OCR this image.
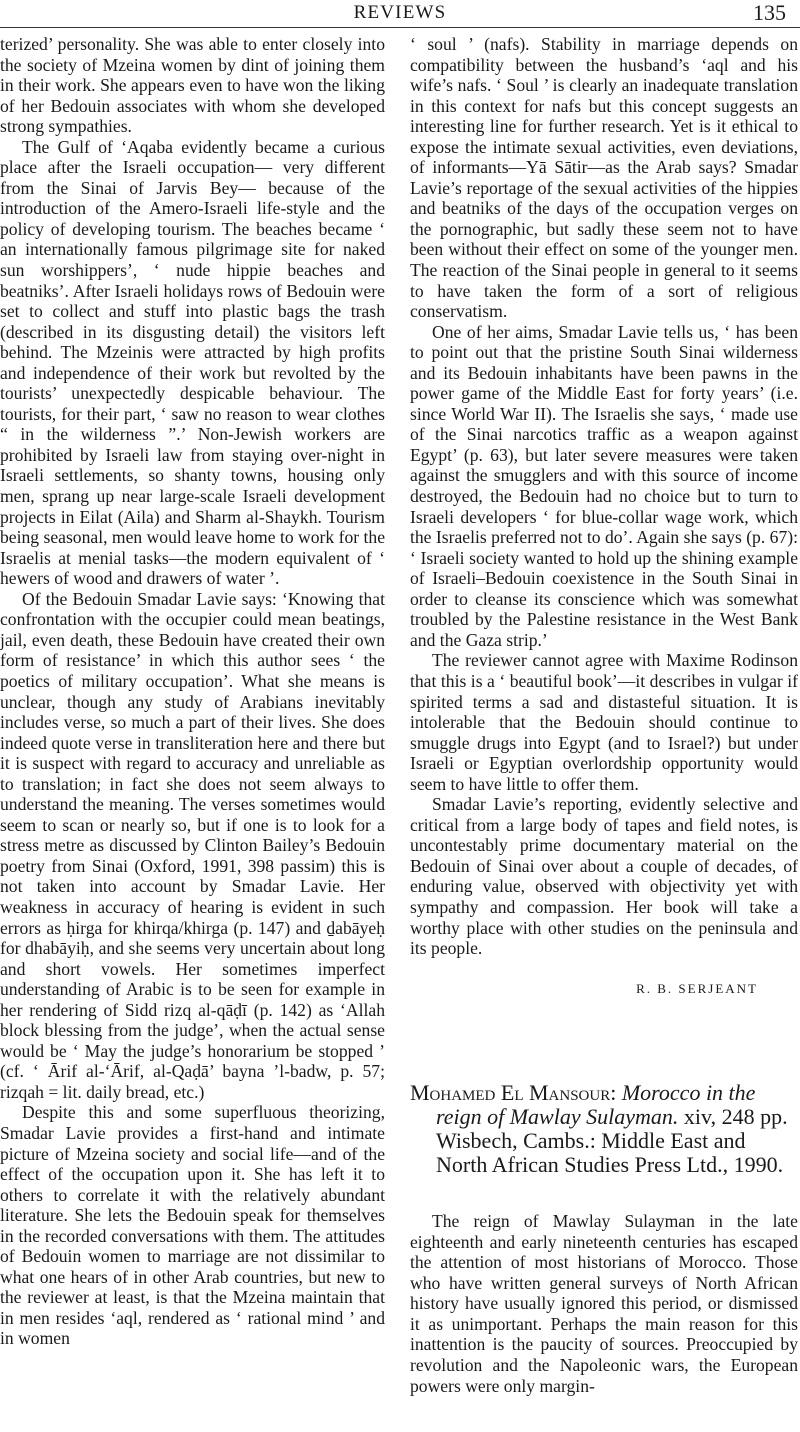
REVIEWS	135

terized’ personality. She was able to enter closely into the society of Mzeina women by dint of joining them in their work. She appears even to have won the liking of her Bedouin associates with whom she developed strong sympathies.

The Gulf of ‘Aqaba evidently became a curious place after the Israeli occupation— very different from the Sinai of Jarvis Bey— because of the introduction of the Amero-Israeli life-style and the policy of developing tourism. The beaches became ‘ an internationally famous pilgrimage site for naked sun worshippers’, ‘ nude hippie beaches and beatniks’. After Israeli holidays rows of Bedouin were set to collect and stuff into plastic bags the trash (described in its disgusting detail) the visitors left behind. The Mzeinis were attracted by high profits and independence of their work but revolted by the tourists’ unexpectedly despicable behaviour. The tourists, for their part, ‘ saw no reason to wear clothes “ in the wilderness ”.’ Non-Jewish workers are prohibited by Israeli law from staying over-night in Israeli settlements, so shanty towns, housing only men, sprang up near large-scale Israeli development projects in Eilat (Aila) and Sharm al-Shaykh. Tourism being seasonal, men would leave home to work for the Israelis at menial tasks—the modern equivalent of ‘ hewers of wood and drawers of water ’.

Of the Bedouin Smadar Lavie says: ‘Knowing that confrontation with the occupier could mean beatings, jail, even death, these Bedouin have created their own form of resistance’ in which this author sees ‘ the poetics of military occupation’. What she means is unclear, though any study of Arabians inevitably includes verse, so much a part of their lives. She does indeed quote verse in transliteration here and there but it is suspect with regard to accuracy and unreliable as to translation; in fact she does not seem always to understand the meaning. The verses sometimes would seem to scan or nearly so, but if one is to look for a stress metre as discussed by Clinton Bailey’s Bedouin poetry from Sinai (Oxford, 1991, 398 passim) this is not taken into account by Smadar Lavie. Her weakness in accuracy of hearing is evident in such errors as ḥirga for khirqa/khirga (p. 147) and ḏabāyeḥ for dhabāyiḥ, and she seems very uncertain about long and short vowels. Her sometimes imperfect understanding of Arabic is to be seen for example in her rendering of Sidd rizq al-qāḍī (p. 142) as ‘Allah block blessing from the judge’, when the actual sense would be ‘ May the judge’s honorarium be stopped ’ (cf. ‘ Ārif al-‘Ārif, al-Qaḍā’ bayna ’l-badw, p. 57; rizqah = lit. daily bread, etc.)

Despite this and some superfluous theorizing, Smadar Lavie provides a first-hand and intimate picture of Mzeina society and social life—and of the effect of the occupation upon it. She has left it to others to correlate it with the relatively abundant literature. She lets the Bedouin speak for themselves in the recorded conversations with them. The attitudes of Bedouin women to marriage are not dissimilar to what one hears of in other Arab countries, but new to the reviewer at least, is that the Mzeina maintain that in men resides ‘aql, rendered as ‘ rational mind ’ and in women

‘ soul ’ (nafs). Stability in marriage depends on compatibility between the husband’s ‘aql and his wife’s nafs. ‘ Soul ’ is clearly an inadequate translation in this context for nafs but this concept suggests an interesting line for further research. Yet is it ethical to expose the intimate sexual activities, even deviations, of informants—Yā Sātir—as the Arab says? Smadar Lavie’s reportage of the sexual activities of the hippies and beatniks of the days of the occupation verges on the pornographic, but sadly these seem not to have been without their effect on some of the younger men. The reaction of the Sinai people in general to it seems to have taken the form of a sort of religious conservatism.

One of her aims, Smadar Lavie tells us, ‘ has been to point out that the pristine South Sinai wilderness and its Bedouin inhabitants have been pawns in the power game of the Middle East for forty years’ (i.e. since World War II). The Israelis she says, ‘ made use of the Sinai narcotics traffic as a weapon against Egypt’ (p. 63), but later severe measures were taken against the smugglers and with this source of income destroyed, the Bedouin had no choice but to turn to Israeli developers ‘ for blue-collar wage work, which the Israelis preferred not to do’. Again she says (p. 67): ‘ Israeli society wanted to hold up the shining example of Israeli–Bedouin coexistence in the South Sinai in order to cleanse its conscience which was somewhat troubled by the Palestine resistance in the West Bank and the Gaza strip.’

The reviewer cannot agree with Maxime Rodinson that this is a ‘ beautiful book’—it describes in vulgar if spirited terms a sad and distasteful situation. It is intolerable that the Bedouin should continue to smuggle drugs into Egypt (and to Israel?) but under Israeli or Egyptian overlordship opportunity would seem to have little to offer them.

Smadar Lavie’s reporting, evidently selective and critical from a large body of tapes and field notes, is uncontestably prime documentary material on the Bedouin of Sinai over about a couple of decades, of enduring value, observed with objectivity yet with sympathy and compassion. Her book will take a worthy place with other studies on the peninsula and its people.

R. B. SERJEANT
Mohamed El Mansour: Morocco in the reign of Mawlay Sulayman. xiv, 248 pp. Wisbech, Cambs.: Middle East and North African Studies Press Ltd., 1990.

The reign of Mawlay Sulayman in the late eighteenth and early nineteenth centuries has escaped the attention of most historians of Morocco. Those who have written general surveys of North African history have usually ignored this period, or dismissed it as unimportant. Perhaps the main reason for this inattention is the paucity of sources. Preoccupied by revolution and the Napoleonic wars, the European powers were only margin-
